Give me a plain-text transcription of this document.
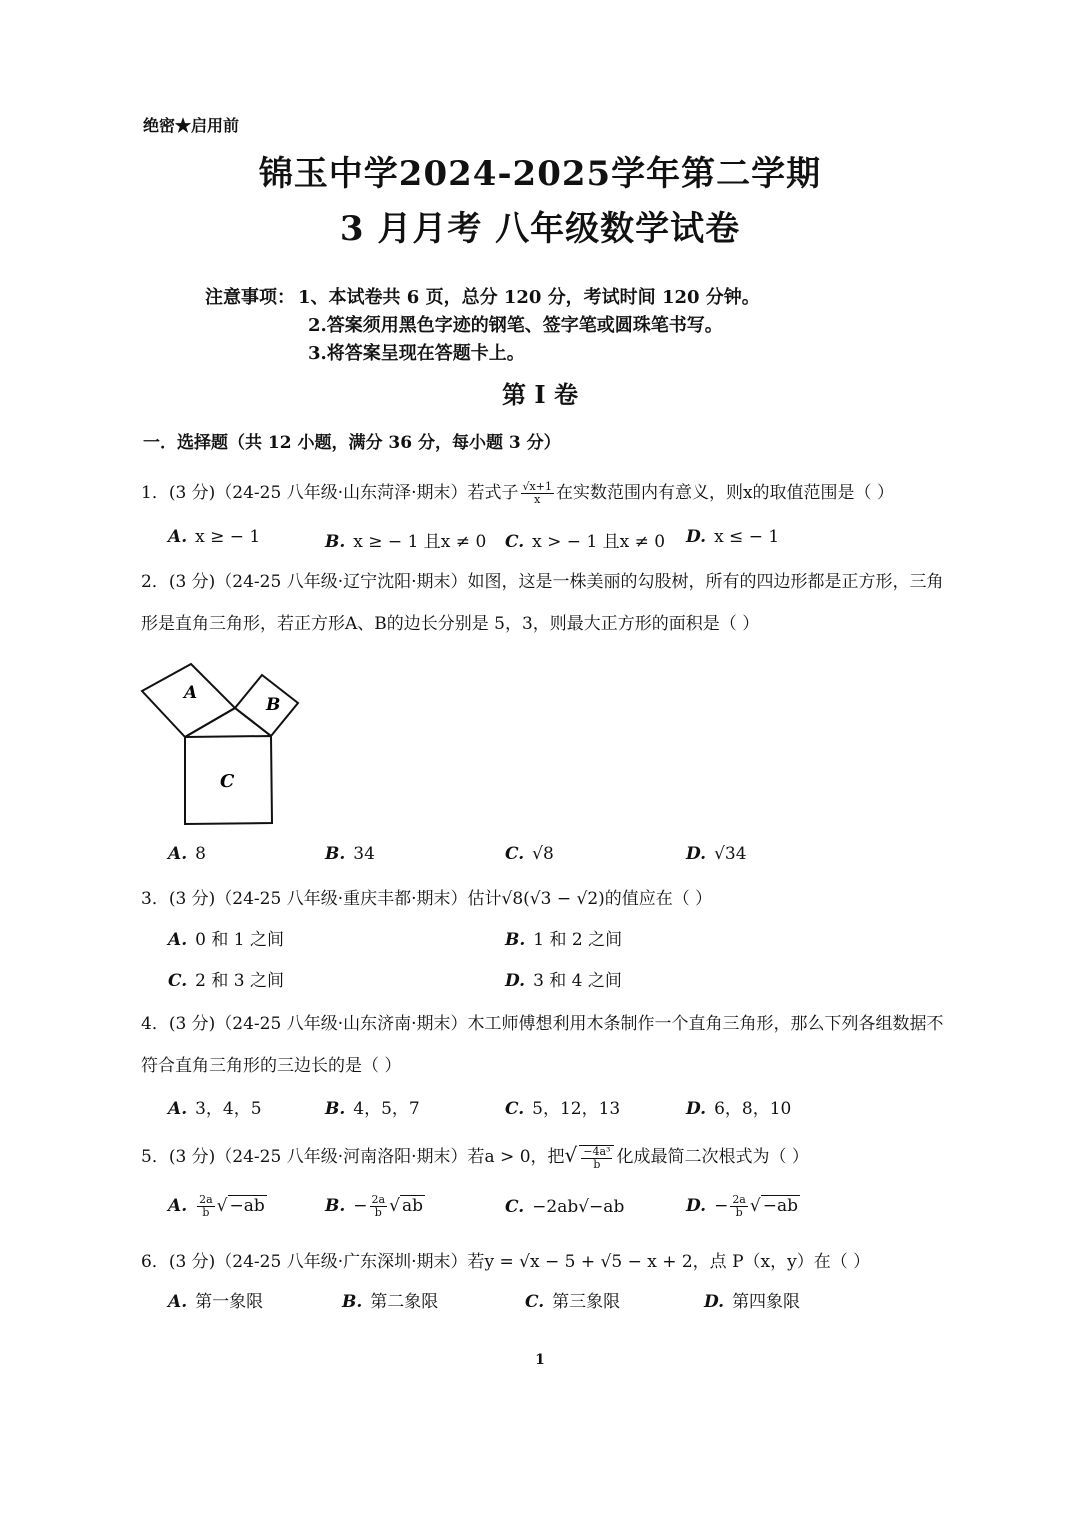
绝密★启用前
锦玉中学2024-2025学年第二学期
3 月月考 八年级数学试卷
注意事项： 1、本试卷共 6 页，总分 120 分，考试时间 120 分钟。
2.答案须用黑色字迹的钢笔、签字笔或圆珠笔书写。
3.将答案呈现在答题卡上。
第 I 卷
一．选择题（共 12 小题，满分 36 分，每小题 3 分）
1．(3 分)（24-25 八年级·山东菏泽·期末）若式子 $\frac{√x+1}{x}$ 在实数范围内有意义，则x的取值范围是（ ）
A. x ≥ − 1	B. x ≥ − 1 且x ≠ 0 C. x > − 1 且x ≠ 0 D. x ≤ − 1
2．(3 分)（24-25 八年级·辽宁沈阳·期末）如图，这是一株美丽的勾股树，所有的四边形都是正方形，三角
形是直角三角形，若正方形A、B的边长分别是 5，3，则最大正方形的面积是（ ）
A
B
C
A. 8	B. 34	C. √8	D. √34
3．(3 分)（24-25 八年级·重庆丰都·期末）估计√8(√3 − √2)的值应在（ ）
A. 0 和 1 之间	B. 1 和 2 之间
C. 2 和 3 之间	D. 3 和 4 之间
4．(3 分)（24-25 八年级·山东济南·期末）木工师傅想利用木条制作一个直角三角形，那么下列各组数据不
符合直角三角形的三边长的是（ ）
A. 3，4，5	B. 4，5，7	C. 5，12，13	D. 6，8，10
5．(3 分)（24-25 八年级·河南洛阳·期末）若a > 0，把√ $\frac{\text{−4a³}}{b}$ 化成最简二次根式为（ ）
A. $\frac{2a}{b}$ √ −ab	B. − $\frac{2a}{b}$ √ ab	C. −2ab√−ab	D. − $\frac{2a}{b}$ √ −ab
6．(3 分)（24-25 八年级·广东深圳·期末）若y = √x − 5 + √5 − x + 2，点 P（x，y）在（ ）
A. 第一象限	B. 第二象限	C. 第三象限	D. 第四象限
1
